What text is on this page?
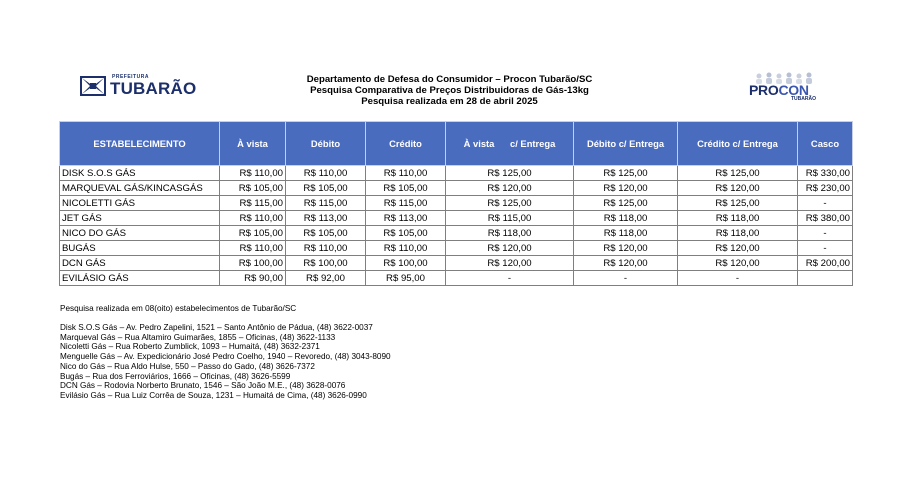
PREFEITURA
TUBARÃO	Departamento de Defesa do Consumidor – Procon Tubarão/SC
Pesquisa Comparativa de Preços Distribuidoras de Gás-13kg
Pesquisa realizada em 28 de abril 2025
PROCON
TUBARÃO
ESTABELECIMENTO	À vista	Débito	Crédito	À vista      c/ Entrega	Débito c/ Entrega	Crédito c/ Entrega	Casco
DISK S.O.S GÁS	R$ 110,00	R$ 110,00	R$ 110,00	R$ 125,00	R$ 125,00	R$ 125,00	R$ 330,00
MARQUEVAL GÁS/KINCASGÁS	R$ 105,00	R$ 105,00	R$ 105,00	R$ 120,00	R$ 120,00	R$ 120,00	R$ 230,00
NICOLETTI GÁS	R$ 115,00	R$ 115,00	R$ 115,00	R$ 125,00	R$ 125,00	R$ 125,00	-
JET GÁS	R$ 110,00	R$ 113,00	R$ 113,00	R$ 115,00	R$ 118,00	R$ 118,00	R$ 380,00
NICO DO GÁS	R$ 105,00	R$ 105,00	R$ 105,00	R$ 118,00	R$ 118,00	R$ 118,00	-
BUGÁS	R$ 110,00	R$ 110,00	R$ 110,00	R$ 120,00	R$ 120,00	R$ 120,00	-
DCN GÁS	R$ 100,00	R$ 100,00	R$ 100,00	R$ 120,00	R$ 120,00	R$ 120,00	R$ 200,00
EVILÁSIO GÁS	R$ 90,00	R$ 92,00	R$ 95,00	-	-	-	
Pesquisa realizada em 08(oito) estabelecimentos de Tubarão/SC
Disk S.O.S Gás – Av. Pedro Zapelini, 1521 – Santo Antônio de Pádua, (48) 3622-0037
Marqueval Gás – Rua Altamiro Guimarães, 1855 – Oficinas, (48) 3622-1133
Nicoletti Gás – Rua Roberto Zumblick, 1093 – Humaitá, (48) 3632-2371
Menguelle Gás – Av. Expedicionário José Pedro Coelho, 1940 – Revoredo, (48) 3043-8090
Nico do Gás – Rua Aldo Hulse, 550 – Passo do Gado, (48) 3626-7372
Bugás – Rua dos Ferroviários, 1666 – Oficinas, (48) 3626-5599
DCN Gás – Rodovia Norberto Brunato, 1546 – São João M.E., (48) 3628-0076
Evilásio Gás – Rua Luiz Corrêa de Souza, 1231 – Humaitá de Cima, (48) 3626-0990
